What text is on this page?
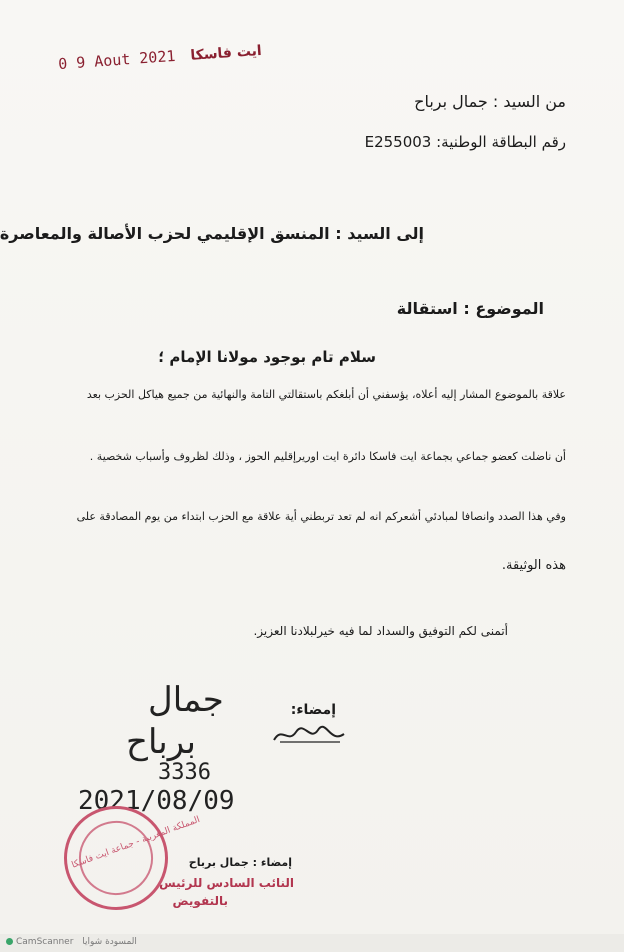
0 9 Aout 2021 ايت فاسكا
من السيد : جمال برباح
رقم البطاقة الوطنية: E255003
إلى السيد : المنسق الإقليمي لحزب الأصالة والمعاصرة
الموضوع : استقالة
سلام تام بوجود مولانا الإمام ؛
علاقة بالموضوع المشار إليه أعلاه، يؤسفني أن أبلغكم باستقالتي التامة والنهائية من جميع هياكل الحزب بعد
أن ناضلت كعضو جماعي بجماعة ايت فاسكا دائرة ايت اوريرإقليم الحوز ، وذلك لظروف وأسباب شخصية .
وفي هذا الصدد وانصافا لمبادئي أشعركم انه لم تعد تربطني أية علاقة مع الحزب ابتداء من يوم المصادقة على
هذه الوثيقة.
أتمنى لكم التوفيق والسداد لما فيه خيرلبلادنا العزيز.
إمضاء:
جمال
برباح
3336
2021/08/09
المملكة المغربية - جماعة ايت فاسكا
إمضاء : جمال برباح
النائب السادس للرئيس
بالتفويض
CamScanner المسودة شوايا
